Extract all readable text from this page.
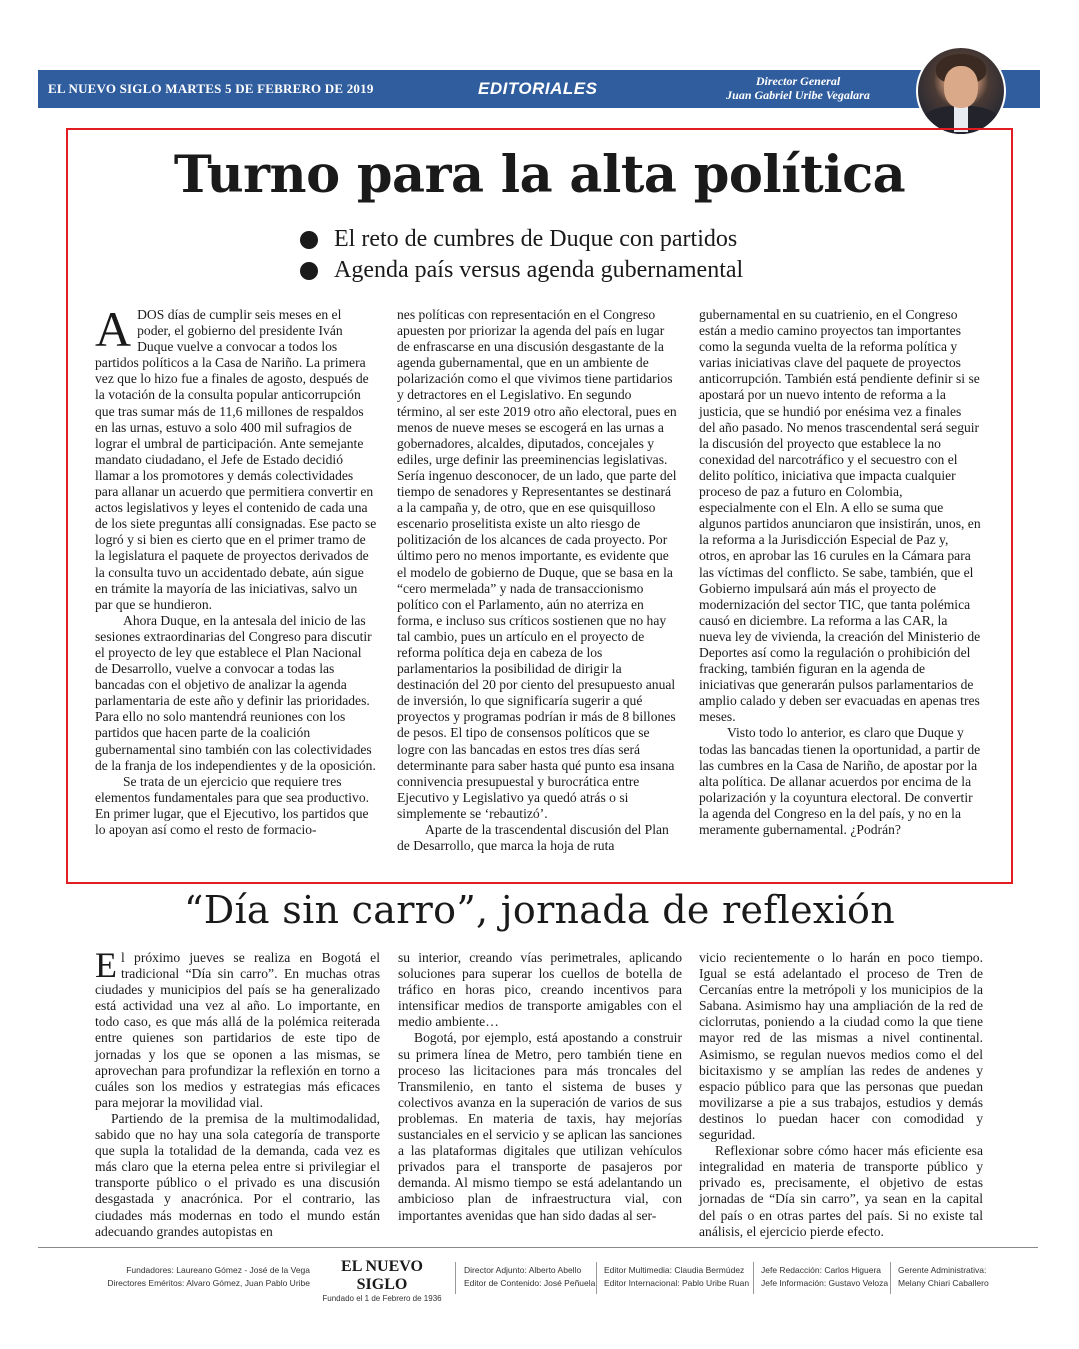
EL NUEVO SIGLO MARTES 5 DE FEBRERO DE 2019	EDITORIALES	Director General
Juan Gabriel Uribe Vegalara
3A
Turno para la alta política
El reto de cumbres de Duque con partidos
Agenda país versus agenda gubernamental

ADOS días de cumplir seis meses en el poder, el gobierno del presidente Iván Duque vuelve a convocar a todos los partidos políticos a la Casa de Nariño. La primera vez que lo hizo fue a finales de agosto, después de la votación de la consulta popular anticorrupción que tras sumar más de 11,6 millones de respaldos en las urnas, estuvo a solo 400 mil sufragios de lograr el umbral de participación. Ante semejante mandato ciudadano, el Jefe de Estado decidió llamar a los promotores y demás colectividades para allanar un acuerdo que permitiera convertir en actos legislativos y leyes el contenido de cada una de los siete preguntas allí consignadas. Ese pacto se logró y si bien es cierto que en el primer tramo de la legislatura el paquete de proyectos derivados de la consulta tuvo un accidentado debate, aún sigue en trámite la mayoría de las iniciativas, salvo un par que se hundieron.

Ahora Duque, en la antesala del inicio de las sesiones extraordinarias del Congreso para discutir el proyecto de ley que establece el Plan Nacional de Desarrollo, vuelve a convocar a todas las bancadas con el objetivo de analizar la agenda parlamentaria de este año y definir las prioridades. Para ello no solo mantendrá reuniones con los partidos que hacen parte de la coalición gubernamental sino también con las colectividades de la franja de los independientes y de la oposición.

Se trata de un ejercicio que requiere tres elementos fundamentales para que sea productivo. En primer lugar, que el Ejecutivo, los partidos que lo apoyan así como el resto de formacio-

nes políticas con representación en el Congreso apuesten por priorizar la agenda del país en lugar de enfrascarse en una discusión desgastante de la agenda gubernamental, que en un ambiente de polarización como el que vivimos tiene partidarios y detractores en el Legislativo. En segundo término, al ser este 2019 otro año electoral, pues en menos de nueve meses se escogerá en las urnas a gobernadores, alcaldes, diputados, concejales y ediles, urge definir las preeminencias legislativas. Sería ingenuo desconocer, de un lado, que parte del tiempo de senadores y Representantes se destinará a la campaña y, de otro, que en ese quisquilloso escenario proselitista existe un alto riesgo de politización de los alcances de cada proyecto. Por último pero no menos importante, es evidente que el modelo de gobierno de Duque, que se basa en la “cero mermelada” y nada de transaccionismo político con el Parlamento, aún no aterriza en forma, e incluso sus críticos sostienen que no hay tal cambio, pues un artículo en el proyecto de reforma política deja en cabeza de los parlamentarios la posibilidad de dirigir la destinación del 20 por ciento del presupuesto anual de inversión, lo que significaría sugerir a qué proyectos y programas podrían ir más de 8 billones de pesos. El tipo de consensos políticos que se logre con las bancadas en estos tres días será determinante para saber hasta qué punto esa insana connivencia presupuestal y burocrática entre Ejecutivo y Legislativo ya quedó atrás o si simplemente se ‘rebautizó’.

Aparte de la trascendental discusión del Plan de Desarrollo, que marca la hoja de ruta

gubernamental en su cuatrienio, en el Congreso están a medio camino proyectos tan importantes como la segunda vuelta de la reforma política y varias iniciativas clave del paquete de proyectos anticorrupción. También está pendiente definir si se apostará por un nuevo intento de reforma a la justicia, que se hundió por enésima vez a finales del año pasado. No menos trascendental será seguir la discusión del proyecto que establece la no conexidad del narcotráfico y el secuestro con el delito político, iniciativa que impacta cualquier proceso de paz a futuro en Colombia, especialmente con el Eln. A ello se suma que algunos partidos anunciaron que insistirán, unos, en la reforma a la Jurisdicción Especial de Paz y, otros, en aprobar las 16 curules en la Cámara para las víctimas del conflicto. Se sabe, también, que el Gobierno impulsará aún más el proyecto de modernización del sector TIC, que tanta polémica causó en diciembre. La reforma a las CAR, la nueva ley de vivienda, la creación del Ministerio de Deportes así como la regulación o prohibición del fracking, también figuran en la agenda de iniciativas que generarán pulsos parlamentarios de amplio calado y deben ser evacuadas en apenas tres meses.

Visto todo lo anterior, es claro que Duque y todas las bancadas tienen la oportunidad, a partir de las cumbres en la Casa de Nariño, de apostar por la alta política. De allanar acuerdos por encima de la polarización y la coyuntura electoral. De convertir la agenda del Congreso en la del país, y no en la meramente gubernamental. ¿Podrán?

“Día sin carro”, jornada de reflexión

El próximo jueves se realiza en Bogotá el tradicional “Día sin carro”. En muchas otras ciudades y municipios del país se ha generalizado está actividad una vez al año. Lo importante, en todo caso, es que más allá de la polémica reiterada entre quienes son partidarios de este tipo de jornadas y los que se oponen a las mismas, se aprovechan para profundizar la reflexión en torno a cuáles son los medios y estrategias más eficaces para mejorar la movilidad vial.

Partiendo de la premisa de la multimodalidad, sabido que no hay una sola categoría de transporte que supla la totalidad de la demanda, cada vez es más claro que la eterna pelea entre si privilegiar el transporte público o el privado es una discusión desgastada y anacrónica. Por el contrario, las ciudades más modernas en todo el mundo están adecuando grandes autopistas en

su interior, creando vías perimetrales, aplicando soluciones para superar los cuellos de botella de tráfico en horas pico, creando incentivos para intensificar medios de transporte amigables con el medio ambiente…

Bogotá, por ejemplo, está apostando a construir su primera línea de Metro, pero también tiene en proceso las licitaciones para más troncales del Transmilenio, en tanto el sistema de buses y colectivos avanza en la superación de varios de sus problemas. En materia de taxis, hay mejorías sustanciales en el servicio y se aplican las sanciones a las plataformas digitales que utilizan vehículos privados para el transporte de pasajeros por demanda. Al mismo tiempo se está adelantando un ambicioso plan de infraestructura vial, con importantes avenidas que han sido dadas al ser-

vicio recientemente o lo harán en poco tiempo. Igual se está adelantado el proceso de Tren de Cercanías entre la metrópoli y los municipios de la Sabana. Asimismo hay una ampliación de la red de ciclorrutas, poniendo a la ciudad como la que tiene mayor red de las mismas a nivel continental. Asimismo, se regulan nuevos medios como el del bicitaxismo y se amplían las redes de andenes y espacio público para que las personas que puedan movilizarse a pie a sus trabajos, estudios y demás destinos lo puedan hacer con comodidad y seguridad.

Reflexionar sobre cómo hacer más eficiente esa integralidad en materia de transporte público y privado es, precisamente, el objetivo de estas jornadas de “Día sin carro”, ya sean en la capital del país o en otras partes del país. Si no existe tal análisis, el ejercicio pierde efecto.

Fundadores: Laureano Gómez - José de la Vega
Directores Eméritos: Alvaro Gómez, Juan Pablo Uribe
EL NUEVO SIGLO
Fundado el 1 de Febrero de 1936
Director Adjunto: Alberto Abello
Editor de Contenido: José Peñuela
Editor Multimedia: Claudia Bermúdez
Editor Internacional: Pablo Uribe Ruan
Jefe Redacción: Carlos Higuera
Jefe Información: Gustavo Veloza
Gerente Administrativa:
Melany Chiari Caballero
